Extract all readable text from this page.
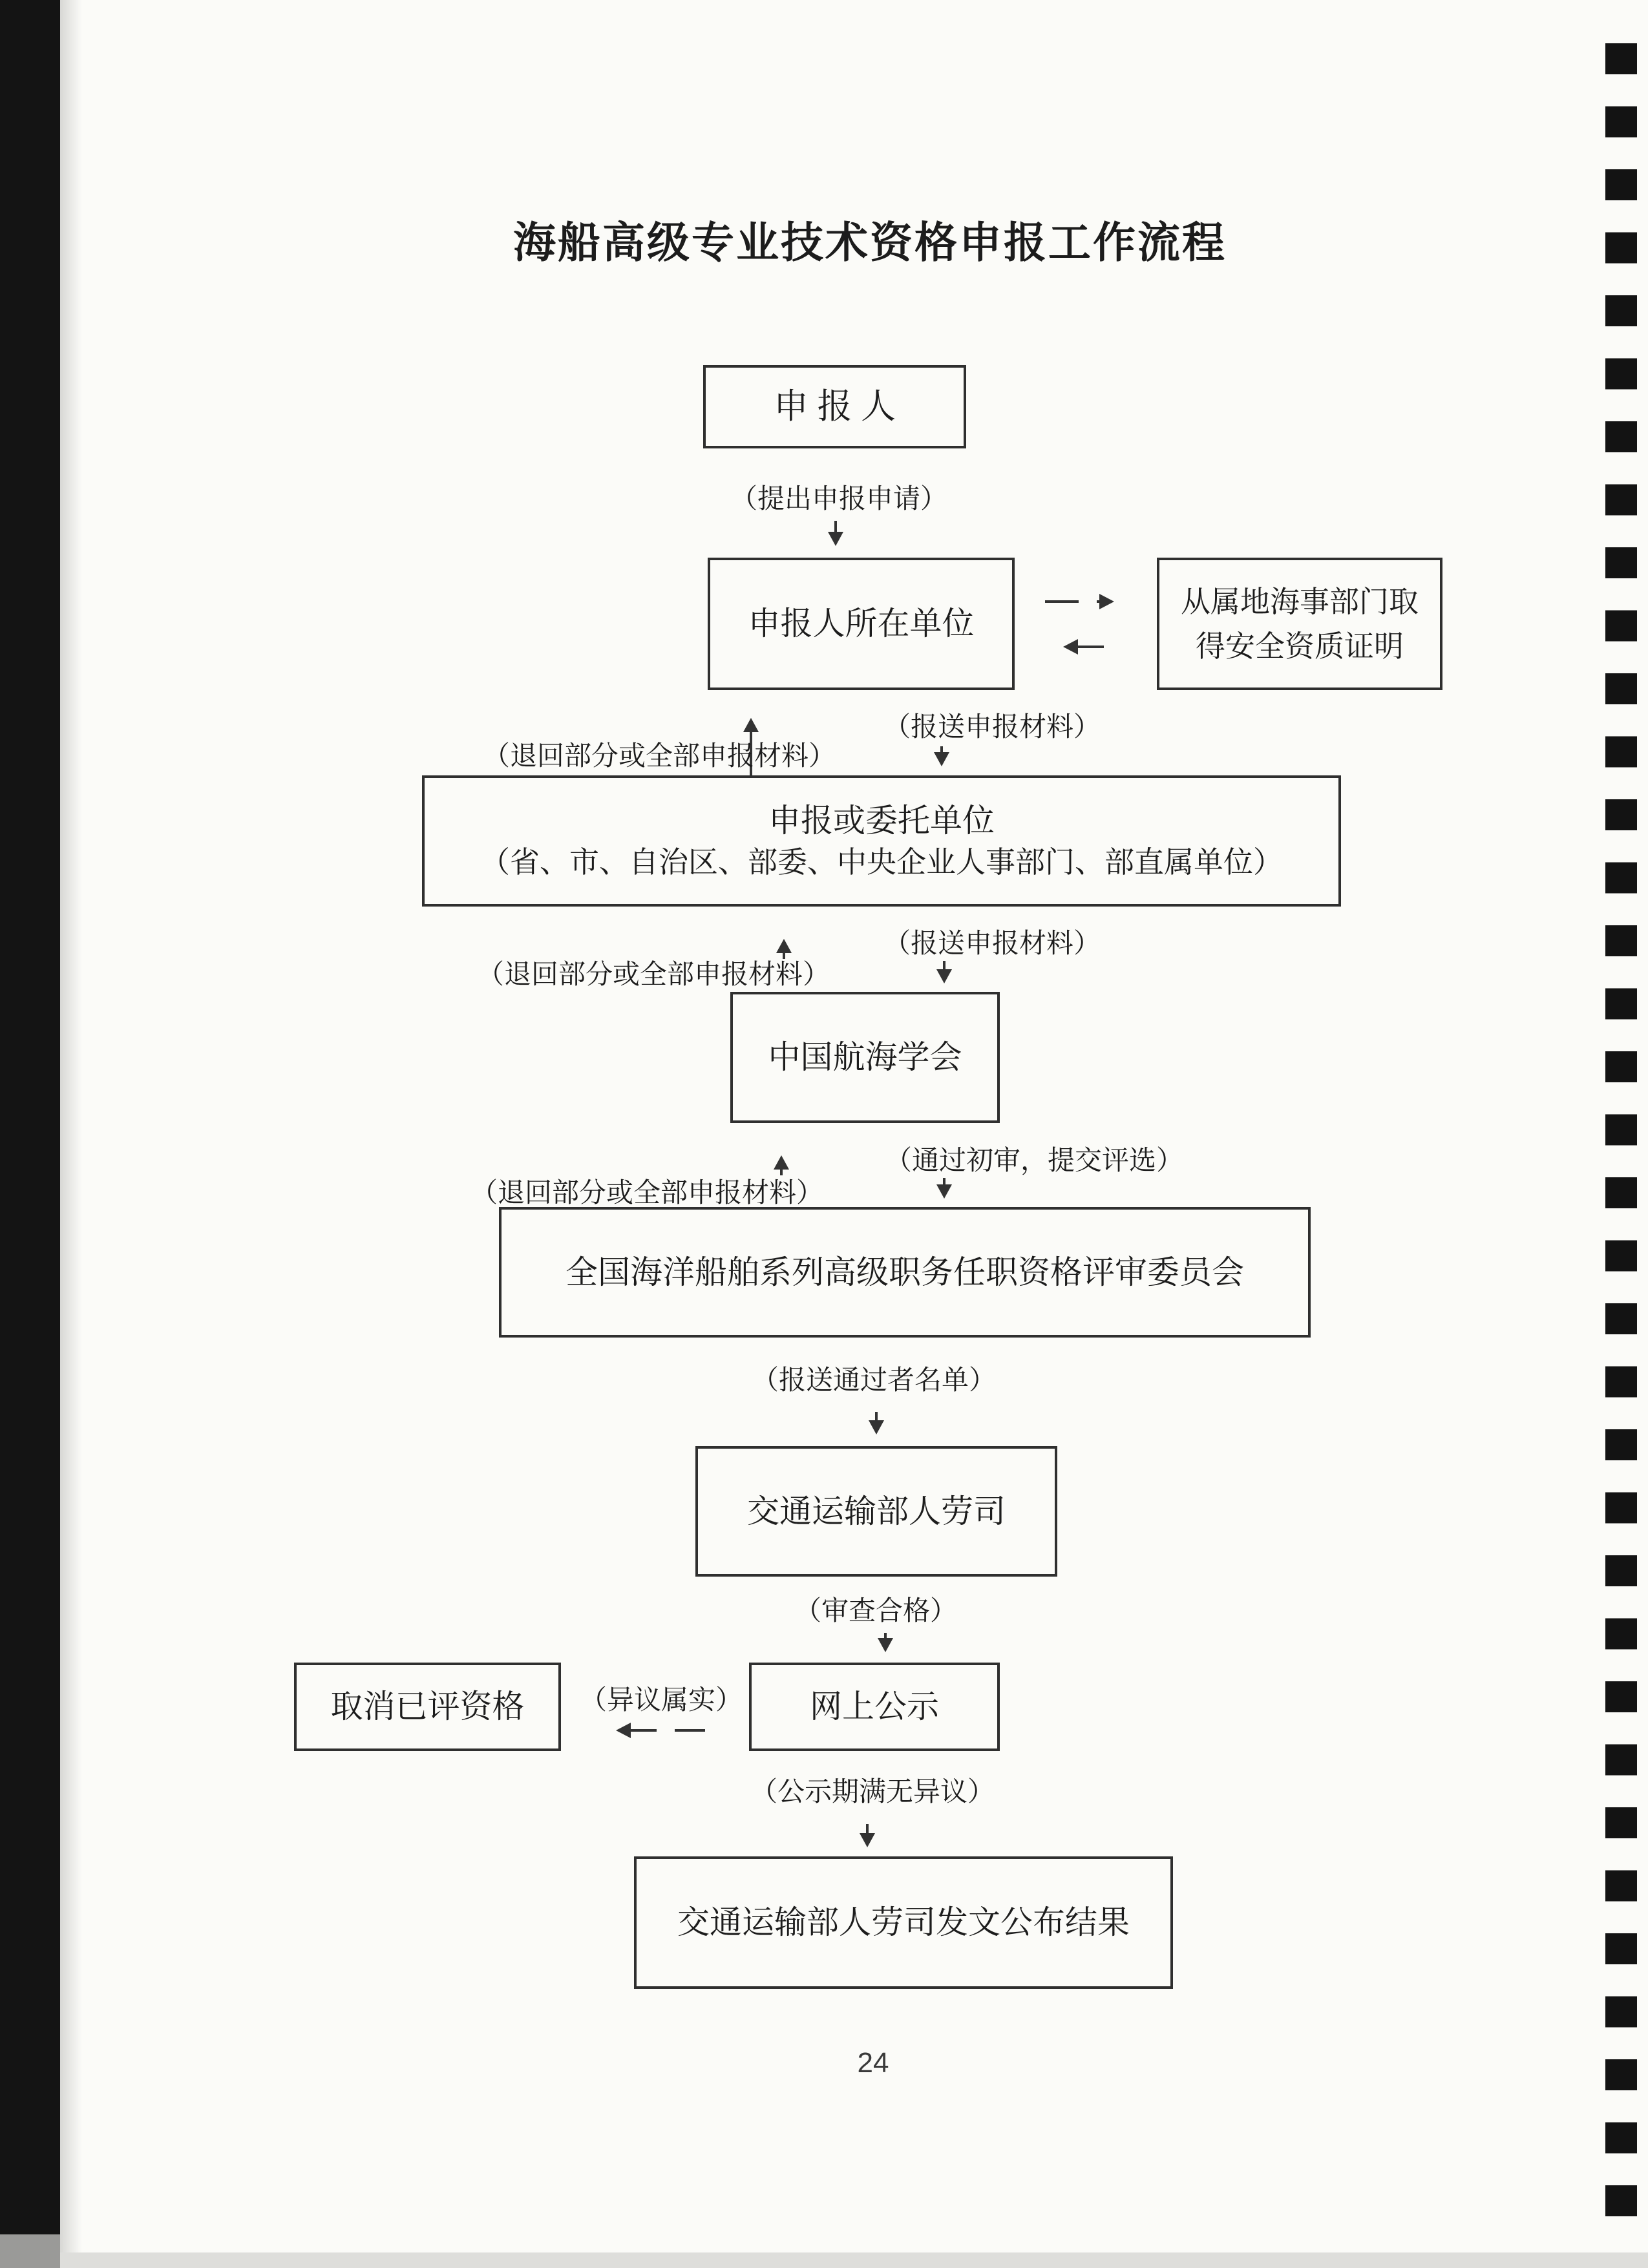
海船高级专业技术资格申报工作流程
申 报 人
（提出申报申请）
申报人所在单位
从属地海事部门取
得安全资质证明
（退回部分或全部申报材料）
（报送申报材料）
申报或委托单位
（省、市、自治区、部委、中央企业人事部门、部直属单位）
（退回部分或全部申报材料）
（报送申报材料）
中国航海学会
（通过初审，提交评选）
（退回部分或全部申报材料）
全国海洋船舶系列高级职务任职资格评审委员会
（报送通过者名单）
交通运输部人劳司
（审查合格）
取消已评资格 （异议属实） 网上公示
（公示期满无异议）
交通运输部人劳司发文公布结果
24
